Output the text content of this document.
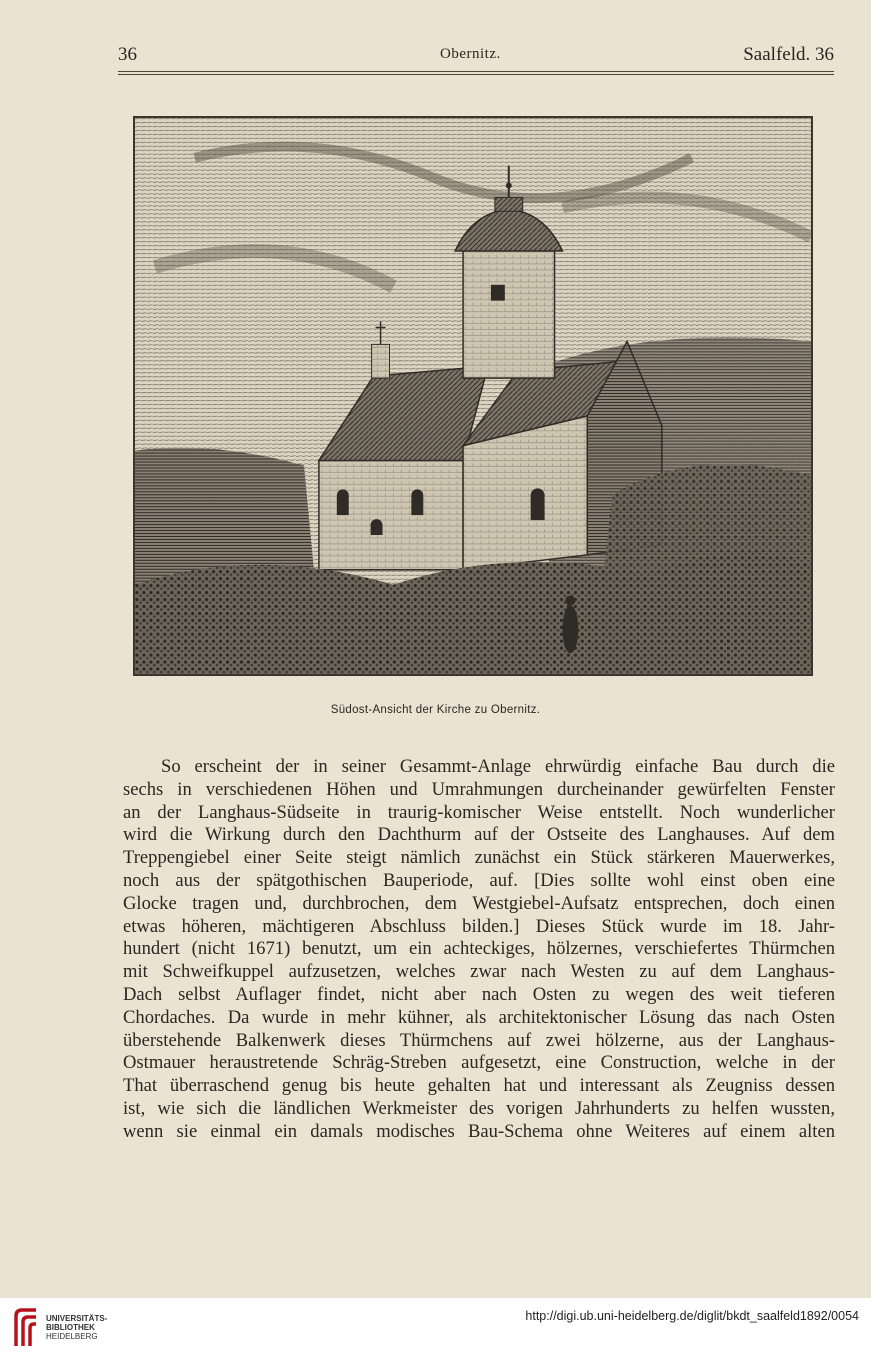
36	Obernitz.	Saalfeld. 36
Südost-Ansicht der Kirche zu Obernitz.
So erscheint der in seiner Gesammt-Anlage ehrwürdig einfache Bau durch die
sechs in verschiedenen Höhen und Umrahmungen durcheinander gewürfelten Fenster
an der Langhaus-Südseite in traurig-komischer Weise entstellt. Noch wunderlicher
wird die Wirkung durch den Dachthurm auf der Ostseite des Langhauses. Auf dem
Treppengiebel einer Seite steigt nämlich zunächst ein Stück stärkeren Mauerwerkes,
noch aus der spätgothischen Bauperiode, auf. [Dies sollte wohl einst oben eine
Glocke tragen und, durchbrochen, dem Westgiebel-Aufsatz entsprechen, doch einen
etwas höheren, mächtigeren Abschluss bilden.] Dieses Stück wurde im 18. Jahr-
hundert (nicht 1671) benutzt, um ein achteckiges, hölzernes, verschiefertes Thürmchen
mit Schweifkuppel aufzusetzen, welches zwar nach Westen zu auf dem Langhaus-
Dach selbst Auflager findet, nicht aber nach Osten zu wegen des weit tieferen
Chordaches. Da wurde in mehr kühner, als architektonischer Lösung das nach Osten
überstehende Balkenwerk dieses Thürmchens auf zwei hölzerne, aus der Langhaus-
Ostmauer heraustretende Schräg-Streben aufgesetzt, eine Construction, welche in der
That überraschend genug bis heute gehalten hat und interessant als Zeugniss dessen
ist, wie sich die ländlichen Werkmeister des vorigen Jahrhunderts zu helfen wussten,
wenn sie einmal ein damals modisches Bau-Schema ohne Weiteres auf einem alten
UNIVERSITÄTS-
BIBLIOTHEK
HEIDELBERG
http://digi.ub.uni-heidelberg.de/diglit/bkdt_saalfeld1892/0054
